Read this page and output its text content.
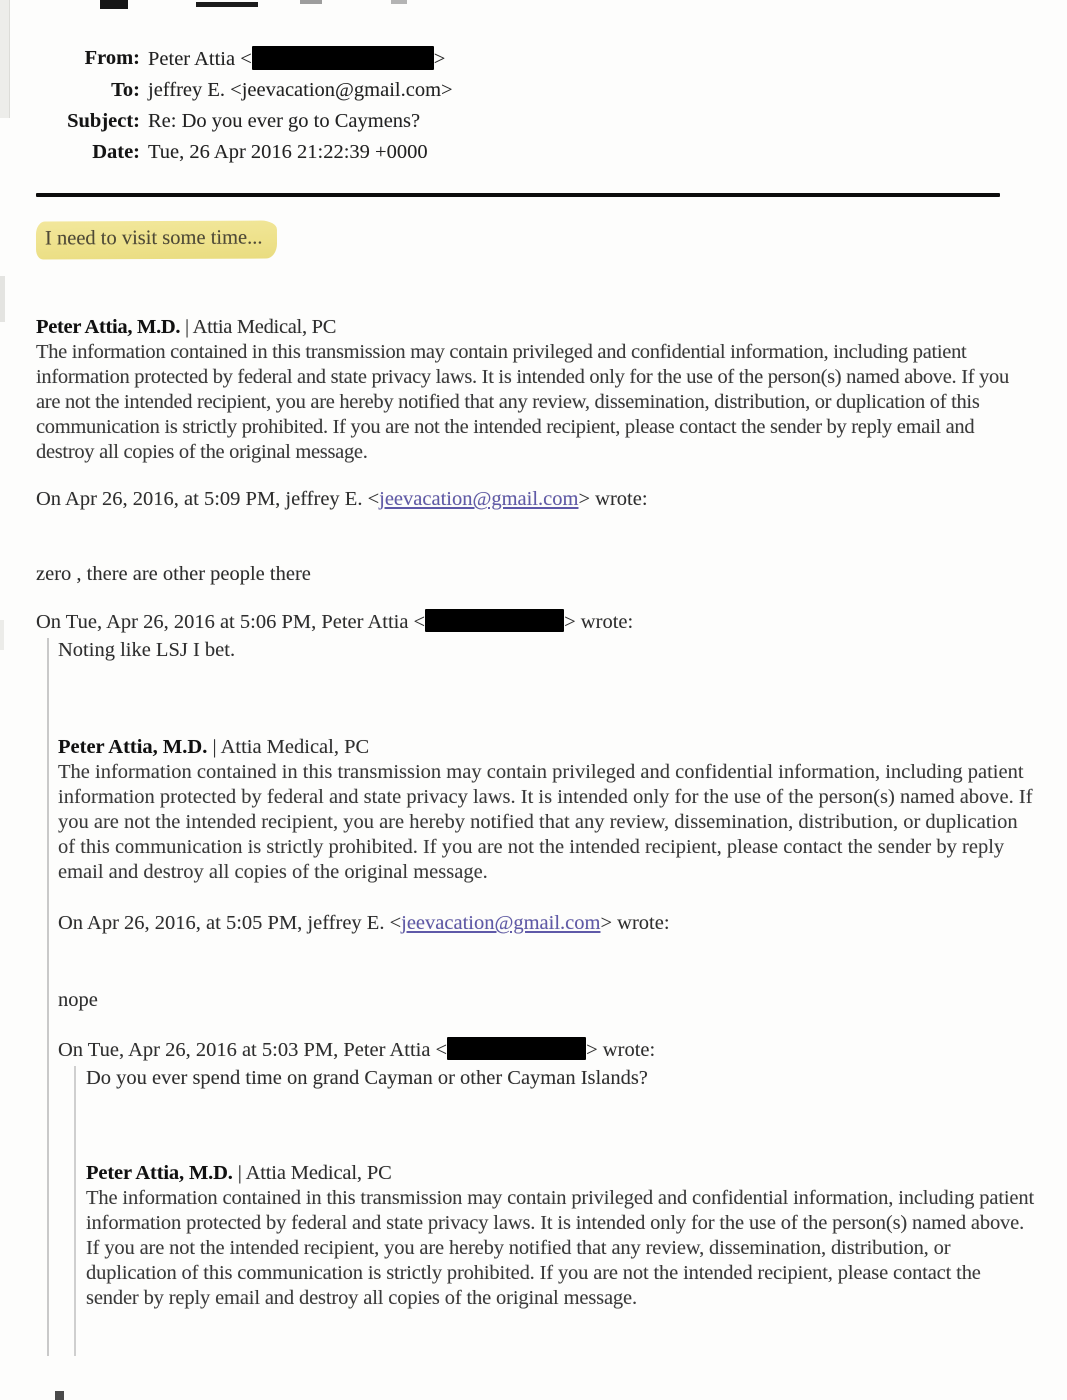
From: Peter Attia <	>
To: jeffrey E. <jeevacation@gmail.com>
Subject: Re: Do you ever go to Caymens?
Date: Tue, 26 Apr 2016 21:22:39 +0000

I need to visit some time...

Peter Attia, M.D. | Attia Medical, PC
The information contained in this transmission may contain privileged and confidential information, including patient information protected by federal and state privacy laws. It is intended only for the use of the person(s) named above. If you are not the intended recipient, you are hereby notified that any review, dissemination, distribution, or duplication of this communication is strictly prohibited. If you are not the intended recipient, please contact the sender by reply email and destroy all copies of the original message.

On Apr 26, 2016, at 5:09 PM, jeffrey E. <jeevacation@gmail.com> wrote:

zero , there are other people there

On Tue, Apr 26, 2016 at 5:06 PM, Peter Attia <	> wrote:

Noting like LSJ I bet.

Peter Attia, M.D. | Attia Medical, PC
The information contained in this transmission may contain privileged and confidential information, including patient information protected by federal and state privacy laws. It is intended only for the use of the person(s) named above. If you are not the intended recipient, you are hereby notified that any review, dissemination, distribution, or duplication of this communication is strictly prohibited. If you are not the intended recipient, please contact the sender by reply email and destroy all copies of the original message.

On Apr 26, 2016, at 5:05 PM, jeffrey E. <jeevacation@gmail.com> wrote:

nope

On Tue, Apr 26, 2016 at 5:03 PM, Peter Attia <	> wrote:

Do you ever spend time on grand Cayman or other Cayman Islands?

Peter Attia, M.D. | Attia Medical, PC
The information contained in this transmission may contain privileged and confidential information, including patient information protected by federal and state privacy laws. It is intended only for the use of the person(s) named above. If you are not the intended recipient, you are hereby notified that any review, dissemination, distribution, or duplication of this communication is strictly prohibited. If you are not the intended recipient, please contact the sender by reply email and destroy all copies of the original message.
